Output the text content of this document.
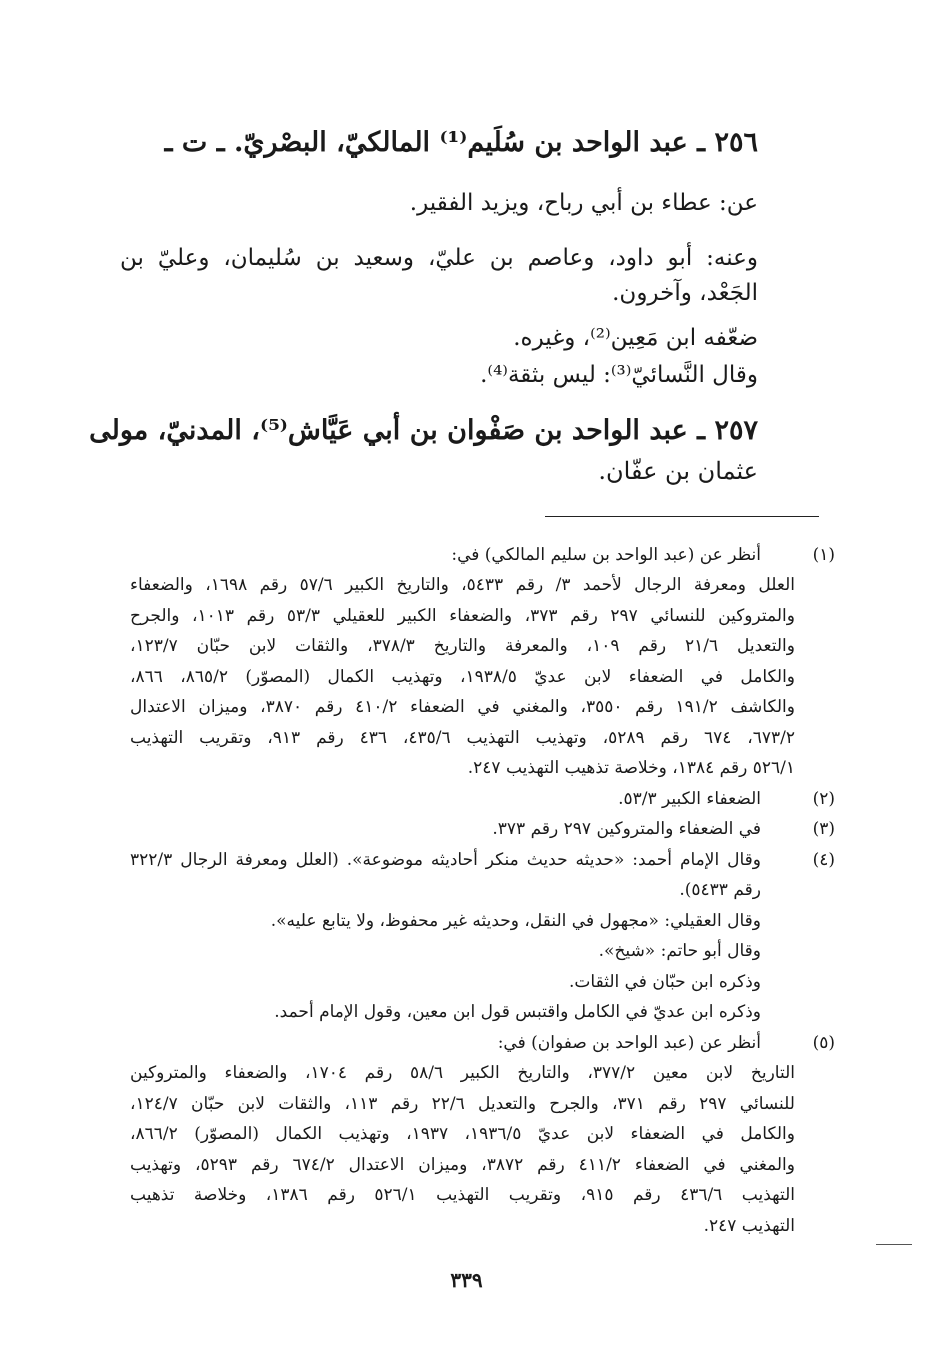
٢٥٦ ـ عبد الواحد بن سُلَيم⁽¹⁾ المالكيّ، البصْريّ. ـ ت ـ
عن: عطاء بن أبي رباح، ويزيد الفقير.
وعنه: أبو داود، وعاصم بن عليّ، وسعيد بن سُليمان، وعليّ بن
الجَعْد، وآخرون.
ضعّفه ابن مَعِين⁽²⁾، وغيره.
وقال النَّسائيّ⁽³⁾: ليس بثقة⁽⁴⁾.
٢٥٧ ـ عبد الواحد بن صَفْوان بن أبي عَيَّاش⁽⁵⁾، المدنيّ، مولى
عثمان بن عفّان.
(١)
أنظر عن (عبد الواحد بن سليم المالكي) في:
العلل ومعرفة الرجال لأحمد ٣/ رقم ٥٤٣٣، والتاريخ الكبير ٥٧/٦ رقم ١٦٩٨، والضعفاء
والمتروكين للنسائي ٢٩٧ رقم ٣٧٣، والضعفاء الكبير للعقيلي ٥٣/٣ رقم ١٠١٣، والجرح
والتعديل ٢١/٦ رقم ١٠٩، والمعرفة والتاريخ ٣٧٨/٣، والثقات لابن حبّان ١٢٣/٧،
والكامل في الضعفاء لابن عديّ ١٩٣٨/٥، وتهذيب الكمال (المصوّر) ٨٦٥/٢، ٨٦٦،
والكاشف ١٩١/٢ رقم ٣٥٥٠، والمغني في الضعفاء ٤١٠/٢ رقم ٣٨٧٠، وميزان الاعتدال
٦٧٣/٢، ٦٧٤ رقم ٥٢٨٩، وتهذيب التهذيب ٤٣٥/٦، ٤٣٦ رقم ٩١٣، وتقريب التهذيب
٥٢٦/١ رقم ١٣٨٤، وخلاصة تذهيب التهذيب ٢٤٧.
(٢)
الضعفاء الكبير ٥٣/٣.
(٣)
في الضعفاء والمتروكين ٢٩٧ رقم ٣٧٣.
(٤)
وقال الإمام أحمد: «حديثه حديث منكر أحاديثه موضوعة». (العلل ومعرفة الرجال ٣٢٢/٣
رقم ٥٤٣٣).
وقال العقيلي: «مجهول في النقل، وحديثه غير محفوظ، ولا يتابع عليه».
وقال أبو حاتم: «شيخ».
وذكره ابن حبّان في الثقات.
وذكره ابن عديّ في الكامل واقتبس قول ابن معين، وقول الإمام أحمد.
(٥)
أنظر عن (عبد الواحد بن صفوان) في:
التاريخ لابن معين ٣٧٧/٢، والتاريخ الكبير ٥٨/٦ رقم ١٧٠٤، والضعفاء والمتروكين
للنسائي ٢٩٧ رقم ٣٧١، والجرح والتعديل ٢٢/٦ رقم ١١٣، والثقات لابن حبّان ١٢٤/٧،
والكامل في الضعفاء لابن عديّ ١٩٣٦/٥، ١٩٣٧، وتهذيب الكمال (المصوّر) ٨٦٦/٢،
والمغني في الضعفاء ٤١١/٢ رقم ٣٨٧٢، وميزان الاعتدال ٦٧٤/٢ رقم ٥٢٩٣، وتهذيب
التهذيب ٤٣٦/٦ رقم ٩١٥، وتقريب التهذيب ٥٢٦/١ رقم ١٣٨٦، وخلاصة تذهيب
التهذيب ٢٤٧.
٣٣٩
